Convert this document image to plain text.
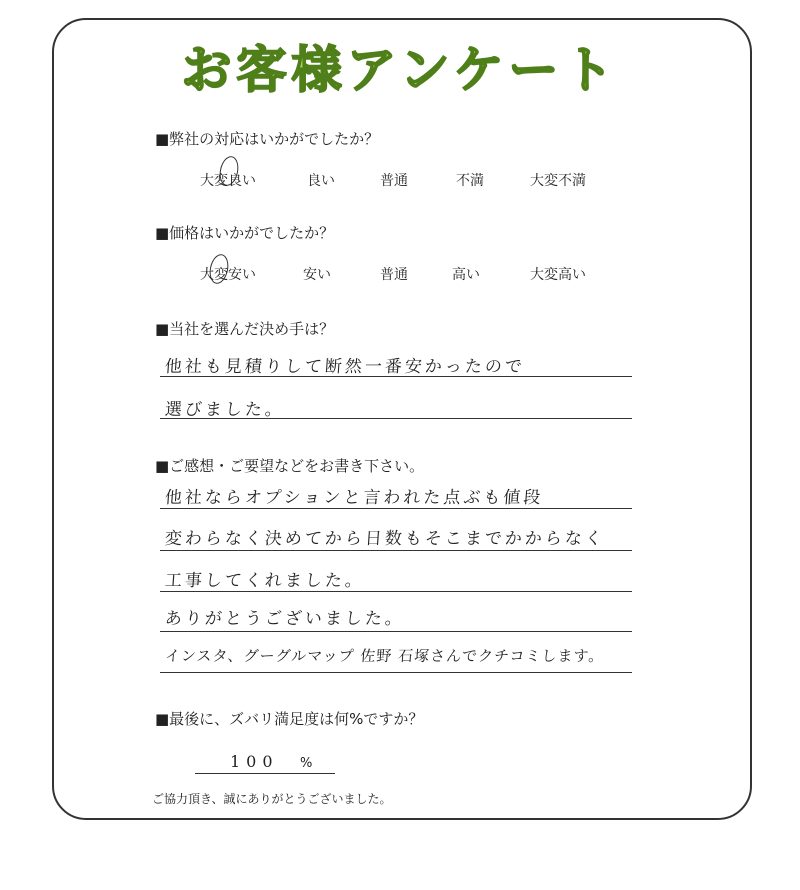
お客様アンケート
■弊社の対応はいかがでしたか？
大変良い	良い	普通	不満	大変不満
■価格はいかがでしたか？
大変安い	安い	普通	高い	大変高い
■当社を選んだ決め手は？
他社も見積りして断然一番安かったので
選びました。
■ご感想・ご要望などをお書き下さい。
他社ならオプションと言われた点ぶも値段
変わらなく決めてから日数もそこまでかからなく
工事してくれました。
ありがとうございました。
インスタ、グーグルマップ 佐野 石塚さんでクチコミします。
■最後に、ズバリ満足度は何%ですか？
100 %
ご協力頂き、誠にありがとうございました。
